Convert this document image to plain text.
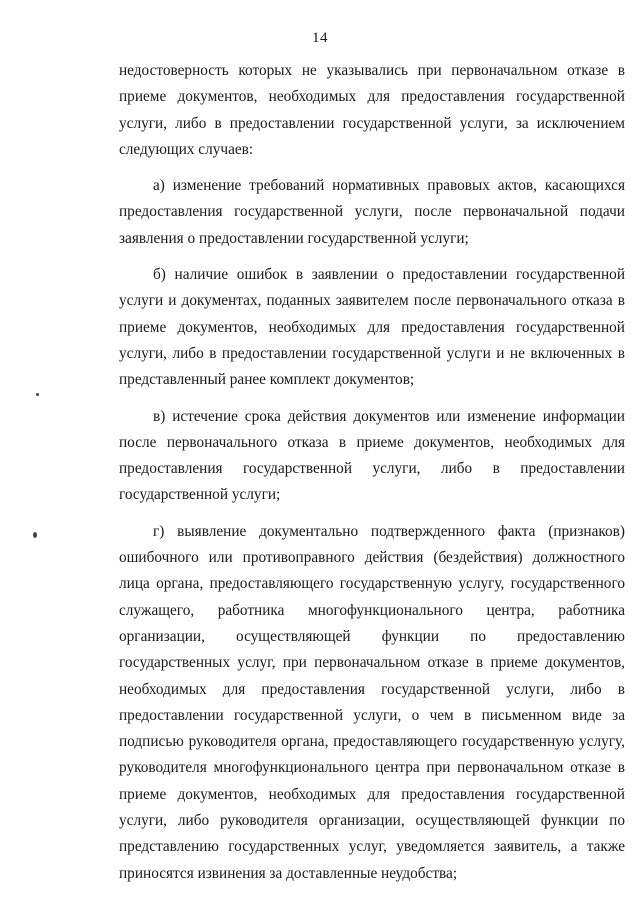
14

недостоверность которых не указывались при первоначальном отказе в приеме документов, необходимых для предоставления государственной услуги, либо в предоставлении государственной услуги, за исключением следующих случаев:

а) изменение требований нормативных правовых актов, касающихся предоставления государственной услуги, после первоначальной подачи заявления о предоставлении государственной услуги;

б) наличие ошибок в заявлении о предоставлении государственной услуги и документах, поданных заявителем после первоначального отказа в приеме документов, необходимых для предоставления государственной услуги, либо в предоставлении государственной услуги и не включенных в представленный ранее комплект документов;

в) истечение срока действия документов или изменение информации после первоначального отказа в приеме документов, необходимых для предоставления государственной услуги, либо в предоставлении государственной услуги;

г) выявление документально подтвержденного факта (признаков) ошибочного или противоправного действия (бездействия) должностного лица органа, предоставляющего государственную услугу, государственного служащего, работника многофункционального центра, работника организации, осуществляющей функции по предоставлению государственных услуг, при первоначальном отказе в приеме документов, необходимых для предоставления государственной услуги, либо в предоставлении государственной услуги, о чем в письменном виде за подписью руководителя органа, предоставляющего государственную услугу, руководителя многофункционального центра при первоначальном отказе в приеме документов, необходимых для предоставления государственной услуги, либо руководителя организации, осуществляющей функции по представлению государственных услуг, уведомляется заявитель, а также приносятся извинения за доставленные неудобства;
